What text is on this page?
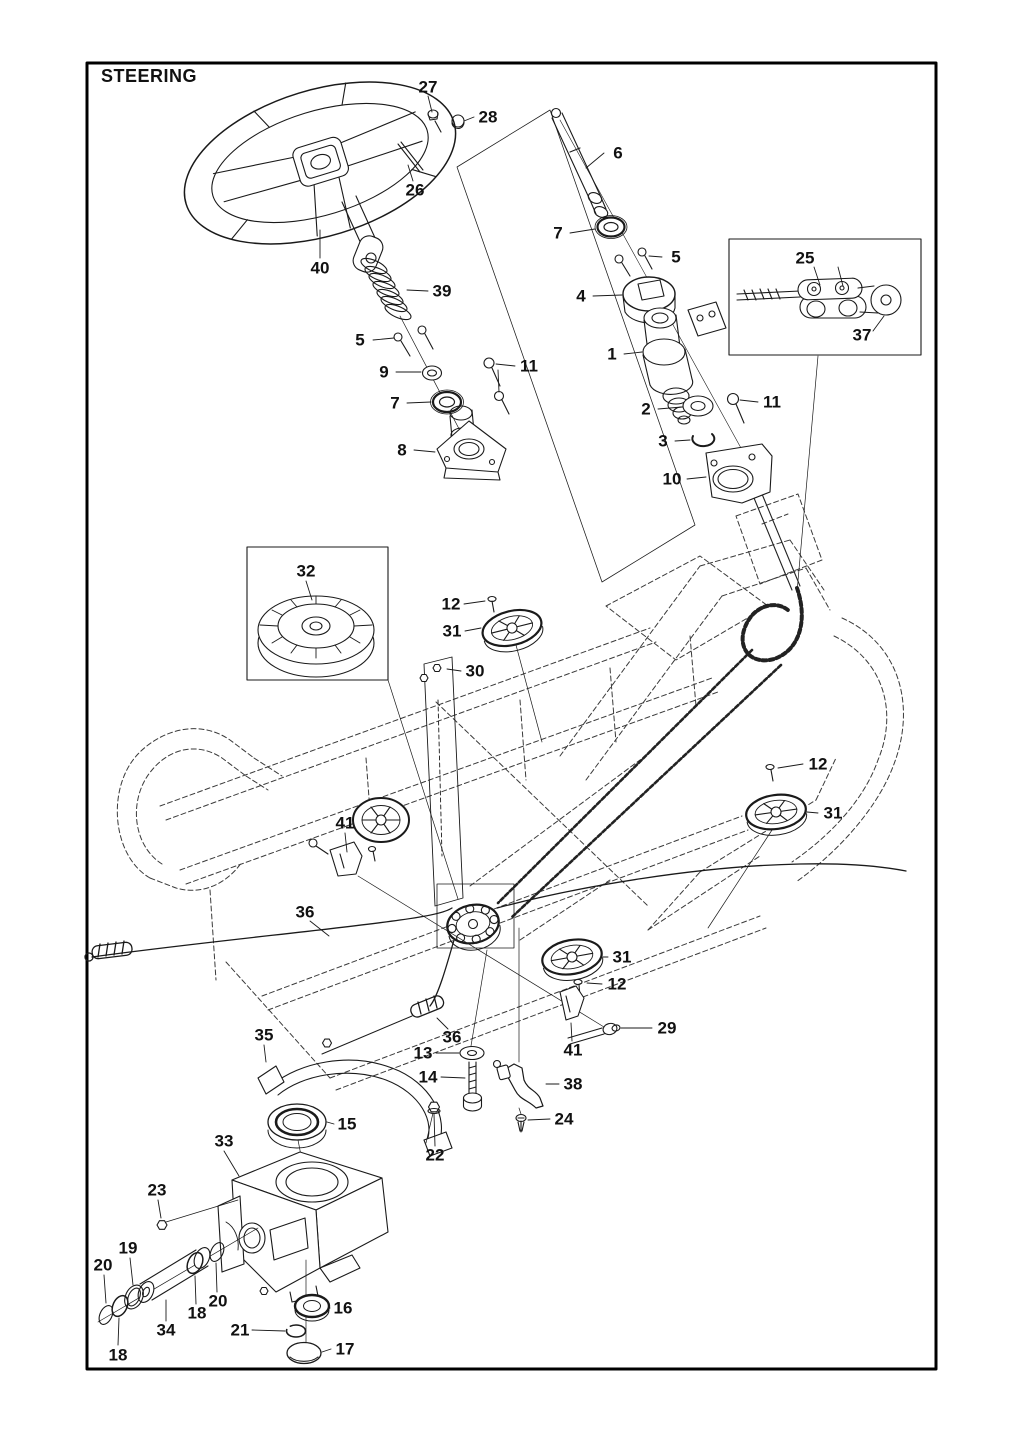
STEERING
27
28
26
6
7
5
4
1
25
37
2	11
3
10
40
39
5
9
7
11
8
32
12
31
30
12
31
41
36
31
12
29
41
36
13
14	38
24
35
15
22
33
23
19
20
18
34
18
20	16
21
17
